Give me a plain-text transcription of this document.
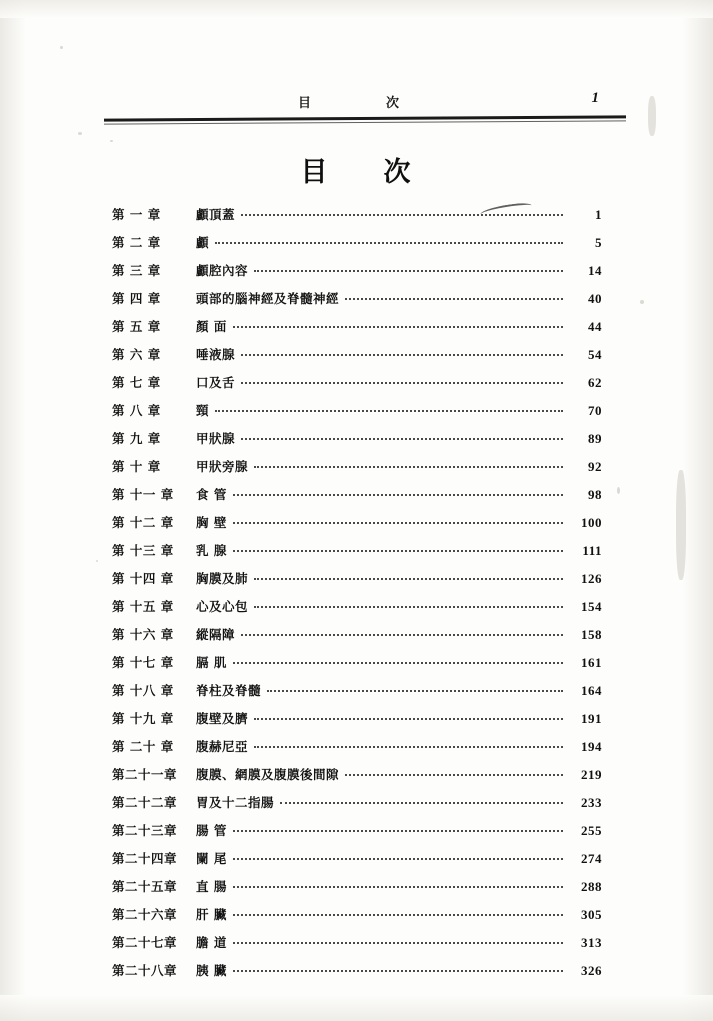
目	次	1
目 次
第 一 章	顱頂蓋	1
第 二 章	顱	5
第 三 章	顱腔內容	14
第 四 章	頭部的腦神經及脊髓神經	40
第 五 章	顏 面	44
第 六 章	唾液腺	54
第 七 章	口及舌	62
第 八 章	頸	70
第 九 章	甲狀腺	89
第 十 章	甲狀旁腺	92
第 十一 章	食 管	98
第 十二 章	胸 壁	100
第 十三 章	乳 腺	111
第 十四 章	胸膜及肺	126
第 十五 章	心及心包	154
第 十六 章	縱隔障	158
第 十七 章	膈 肌	161
第 十八 章	脊柱及脊髓	164
第 十九 章	腹壁及臍	191
第 二十 章	腹赫尼亞	194
第二十一章	腹膜、網膜及腹膜後間隙	219
第二十二章	胃及十二指腸	233
第二十三章	腸 管	255
第二十四章	闌 尾	274
第二十五章	直 腸	288
第二十六章	肝 臟	305
第二十七章	膽 道	313
第二十八章	胰 臟	326
